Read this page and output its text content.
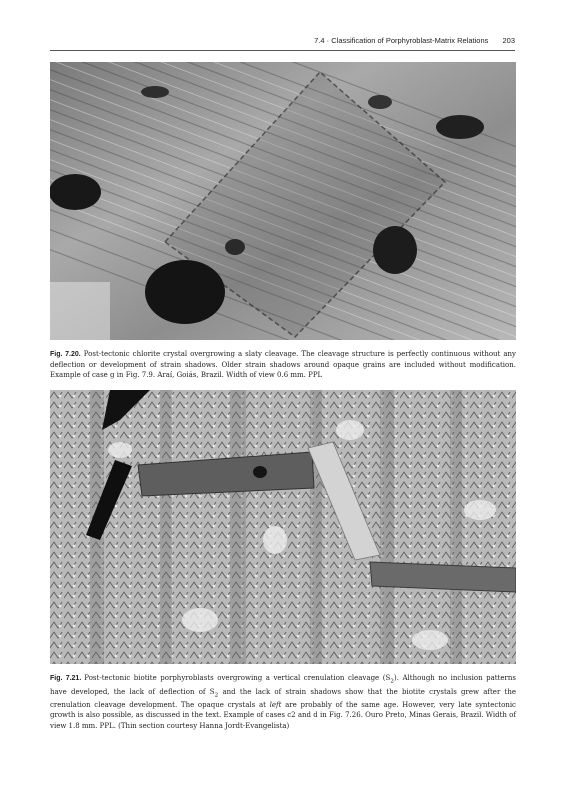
7.4 · Classification of Porphyroblast-Matrix Relations 203
Fig. 7.20. Post-tectonic chlorite crystal overgrowing a slaty cleavage. The cleavage structure is perfectly continuous without any deflection or development of strain shadows. Older strain shadows around opaque grains are included without modification. Example of case g in Fig. 7.9. Araí, Goiás, Brazil. Width of view 0.6 mm. PPL
Fig. 7.21. Post-tectonic biotite porphyroblasts overgrowing a vertical crenulation cleavage $(S_2)$. Although no inclusion patterns have developed, the lack of deflection of $S_2$ and the lack of strain shadows show that the biotite crystals grew after the crenulation cleavage development. The opaque crystals at left are probably of the same age. However, very late syntectonic growth is also possible, as discussed in the text. Example of cases c2 and d in Fig. 7.26. Ouro Preto, Minas Gerais, Brazil. Width of view 1.8 mm. PPL. (Thin section courtesy Hanna Jordt-Evangelista)
